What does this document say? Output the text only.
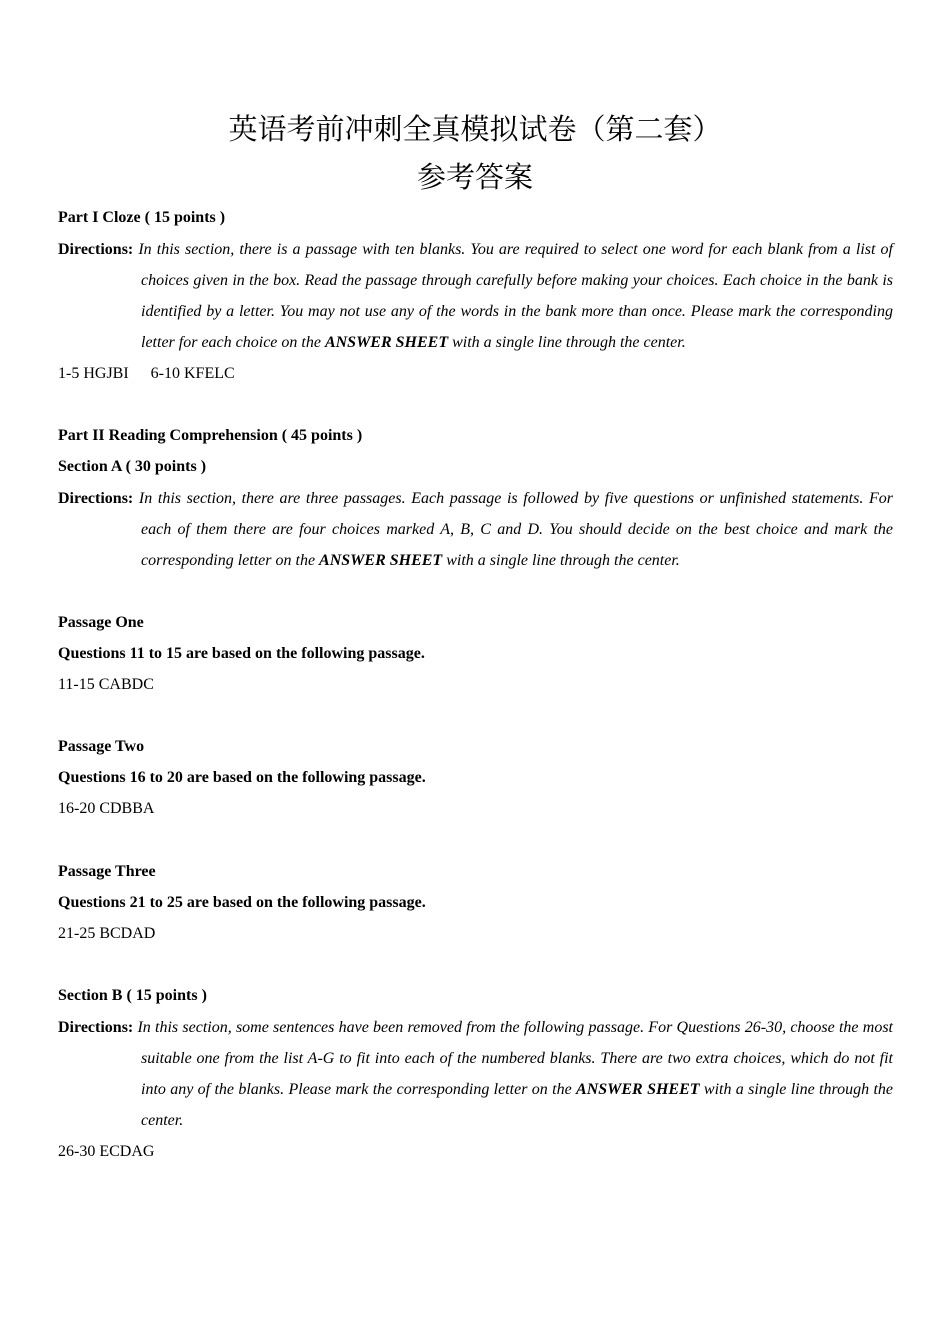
英语考前冲刺全真模拟试卷（第二套）
参考答案
Part I Cloze ( 15 points )
Directions: In this section, there is a passage with ten blanks. You are required to select one word for each blank from a list of choices given in the box. Read the passage through carefully before making your choices. Each choice in the bank is identified by a letter. You may not use any of the words in the bank more than once. Please mark the corresponding letter for each choice on the ANSWER SHEET with a single line through the center.
1-5 HGJBI 6-10 KFELC
Part II Reading Comprehension ( 45 points )
Section A ( 30 points )
Directions: In this section, there are three passages. Each passage is followed by five questions or unfinished statements. For each of them there are four choices marked A, B, C and D. You should decide on the best choice and mark the corresponding letter on the ANSWER SHEET with a single line through the center.
Passage One
Questions 11 to 15 are based on the following passage.
11-15 CABDC
Passage Two
Questions 16 to 20 are based on the following passage.
16-20 CDBBA
Passage Three
Questions 21 to 25 are based on the following passage.
21-25 BCDAD
Section B ( 15 points )
Directions: In this section, some sentences have been removed from the following passage. For Questions 26-30, choose the most suitable one from the list A-G to fit into each of the numbered blanks. There are two extra choices, which do not fit into any of the blanks. Please mark the corresponding letter on the ANSWER SHEET with a single line through the center.
26-30 ECDAG
